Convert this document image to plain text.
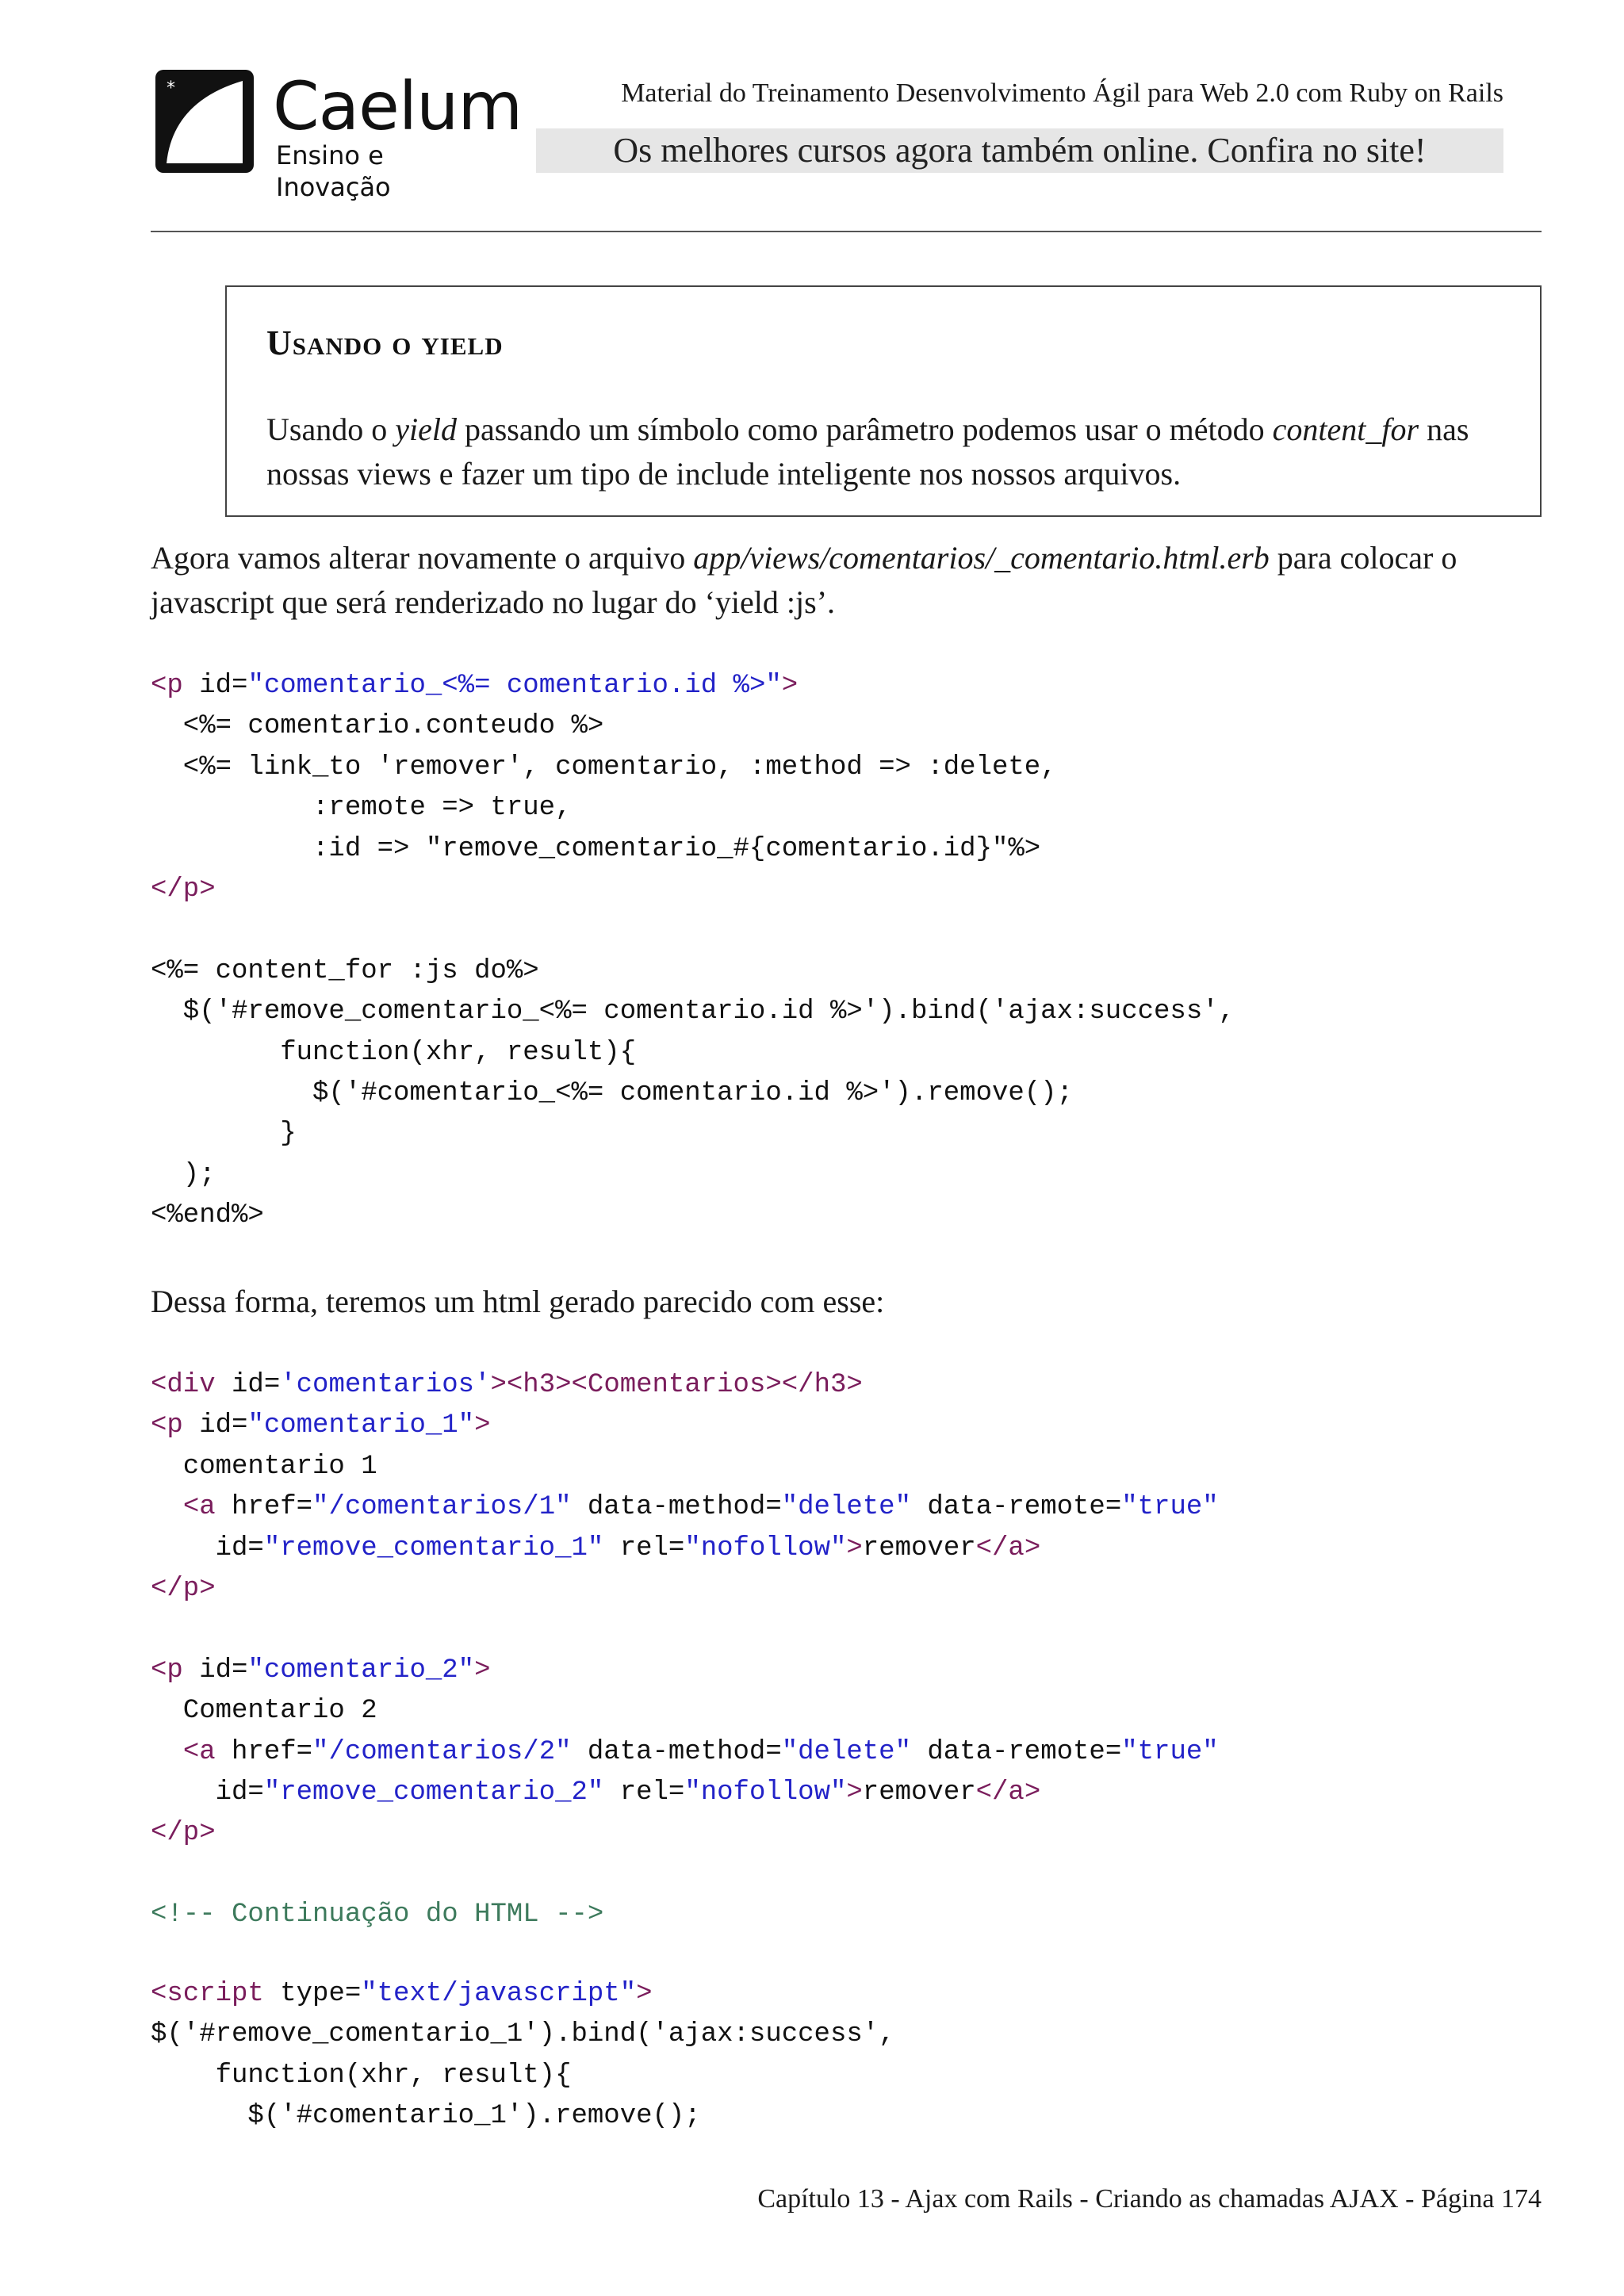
* Caelum
Ensino e Inovação
Material do Treinamento Desenvolvimento Ágil para Web 2.0 com Ruby on Rails
Os melhores cursos agora também online. Confira no site!
Usando o yield
Usando o yield passando um símbolo como parâmetro podemos usar o método content_for nas nossas views e fazer um tipo de include inteligente nos nossos arquivos.
Agora vamos alterar novamente o arquivo app/views/comentarios/_comentario.html.erb para colocar o javascript que será renderizado no lugar do ‘yield :js’.
<p id="comentario_<%= comentario.id %>">
<%= comentario.conteudo %>
<%= link_to 'remover', comentario, :method => :delete,
:remote => true,
:id => "remove_comentario_#{comentario.id}"%>
</p>

<%= content_for :js do%>
$('#remove_comentario_<%= comentario.id %>').bind('ajax:success',
function(xhr, result){
$('#comentario_<%= comentario.id %>').remove();
}
);
<%end%>
Dessa forma, teremos um html gerado parecido com esse:
<div id='comentarios'><h3><Comentarios></h3>
<p id="comentario_1">
comentario 1
<a href="/comentarios/1" data-method="delete" data-remote="true"
id="remove_comentario_1" rel="nofollow">remover</a>
</p>

<p id="comentario_2">
Comentario 2
<a href="/comentarios/2" data-method="delete" data-remote="true"
id="remove_comentario_2" rel="nofollow">remover</a>
</p>

<!-- Continuação do HTML -->
<script type="text/javascript">
$('#remove_comentario_1').bind('ajax:success',
function(xhr, result){
$('#comentario_1').remove();
Capítulo 13 - Ajax com Rails - Criando as chamadas AJAX - Página 174
